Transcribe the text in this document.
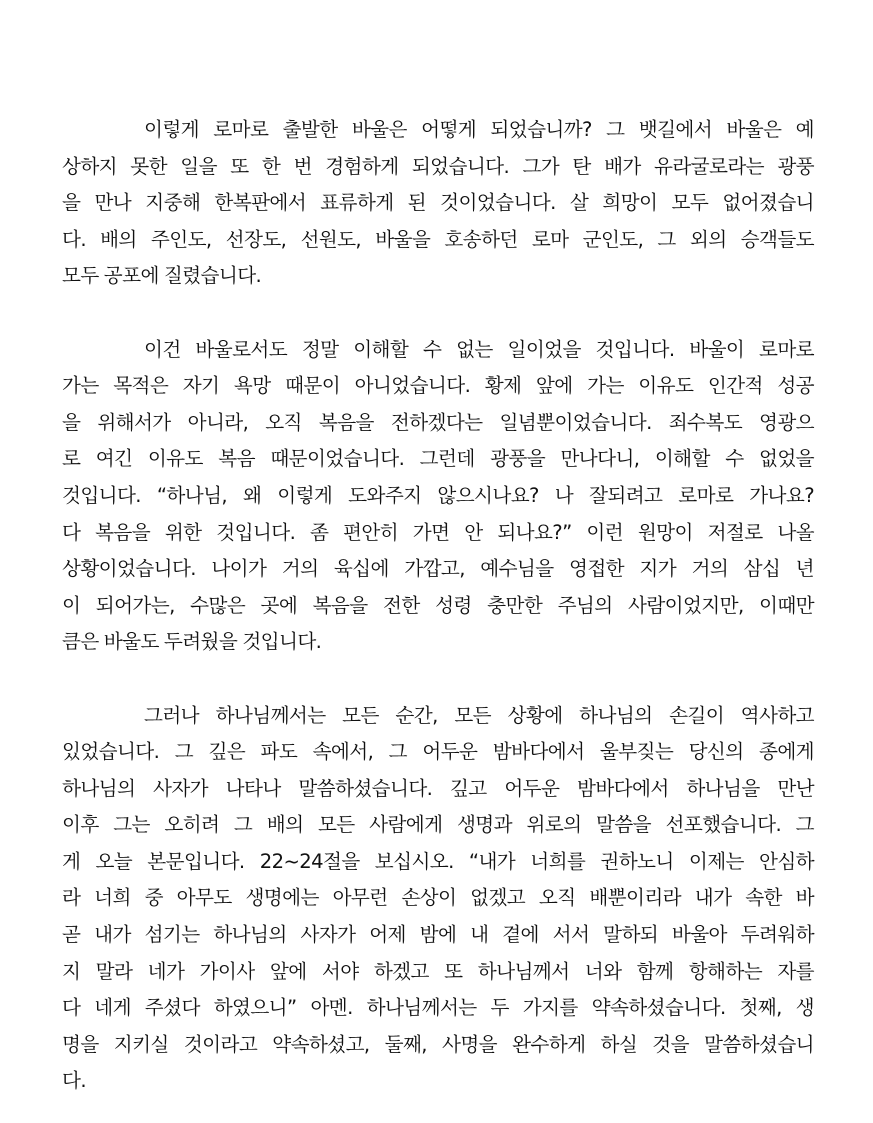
이렇게 로마로 출발한 바울은 어떻게 되었습니까? 그 뱃길에서 바울은 예
상하지 못한 일을 또 한 번 경험하게 되었습니다. 그가 탄 배가 유라굴로라는 광풍
을 만나 지중해 한복판에서 표류하게 된 것이었습니다. 살 희망이 모두 없어졌습니
다. 배의 주인도, 선장도, 선원도, 바울을 호송하던 로마 군인도, 그 외의 승객들도
모두 공포에 질렸습니다.
이건 바울로서도 정말 이해할 수 없는 일이었을 것입니다. 바울이 로마로
가는 목적은 자기 욕망 때문이 아니었습니다. 황제 앞에 가는 이유도 인간적 성공
을 위해서가 아니라, 오직 복음을 전하겠다는 일념뿐이었습니다. 죄수복도 영광으
로 여긴 이유도 복음 때문이었습니다. 그런데 광풍을 만나다니, 이해할 수 없었을
것입니다. “하나님, 왜 이렇게 도와주지 않으시나요? 나 잘되려고 로마로 가나요?
다 복음을 위한 것입니다. 좀 편안히 가면 안 되나요?” 이런 원망이 저절로 나올
상황이었습니다. 나이가 거의 육십에 가깝고, 예수님을 영접한 지가 거의 삼십 년
이 되어가는, 수많은 곳에 복음을 전한 성령 충만한 주님의 사람이었지만, 이때만
큼은 바울도 두려웠을 것입니다.
그러나 하나님께서는 모든 순간, 모든 상황에 하나님의 손길이 역사하고
있었습니다. 그 깊은 파도 속에서, 그 어두운 밤바다에서 울부짖는 당신의 종에게
하나님의 사자가 나타나 말씀하셨습니다. 깊고 어두운 밤바다에서 하나님을 만난
이후 그는 오히려 그 배의 모든 사람에게 생명과 위로의 말씀을 선포했습니다. 그
게 오늘 본문입니다. 22~24절을 보십시오. “내가 너희를 권하노니 이제는 안심하
라 너희 중 아무도 생명에는 아무런 손상이 없겠고 오직 배뿐이리라 내가 속한 바
곧 내가 섬기는 하나님의 사자가 어제 밤에 내 곁에 서서 말하되 바울아 두려워하
지 말라 네가 가이사 앞에 서야 하겠고 또 하나님께서 너와 함께 항해하는 자를
다 네게 주셨다 하였으니” 아멘. 하나님께서는 두 가지를 약속하셨습니다. 첫째, 생
명을 지키실 것이라고 약속하셨고, 둘째, 사명을 완수하게 하실 것을 말씀하셨습니
다.
